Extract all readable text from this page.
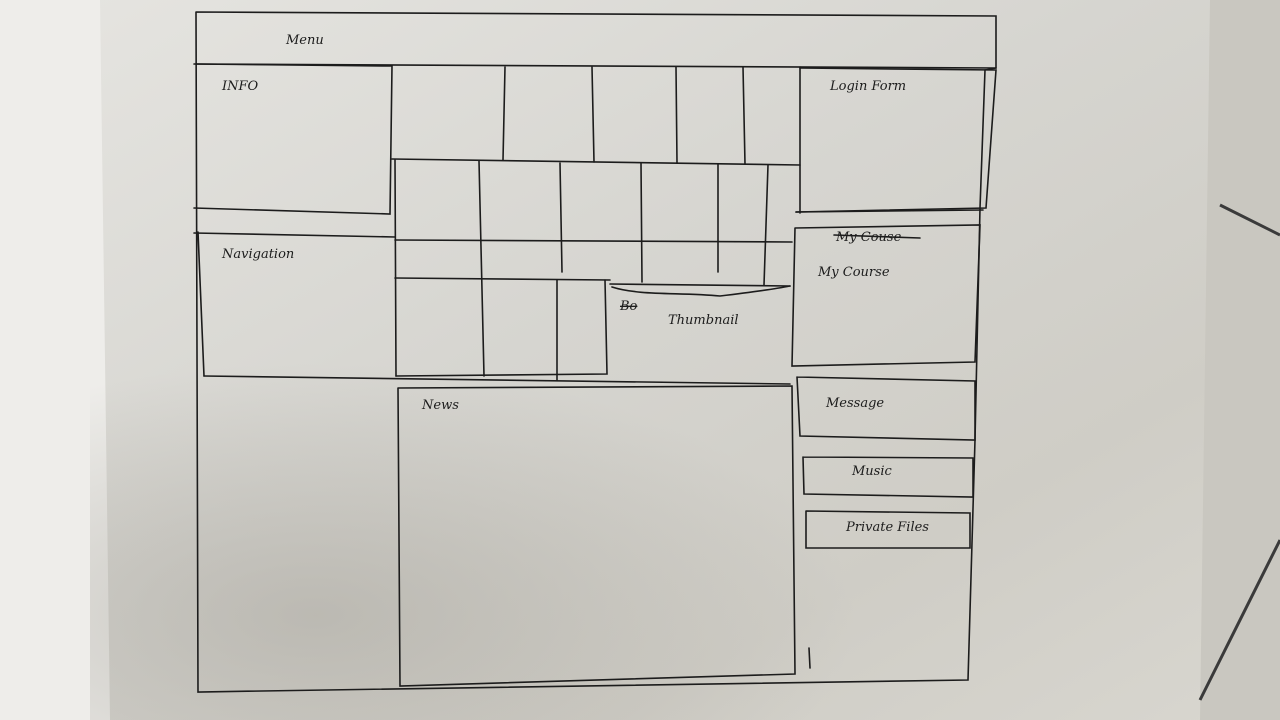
Menu
INFO	Login Form
Navigation
My Couse
My Course
Bo
Thumbnail
News	Message
Music
Private Files
